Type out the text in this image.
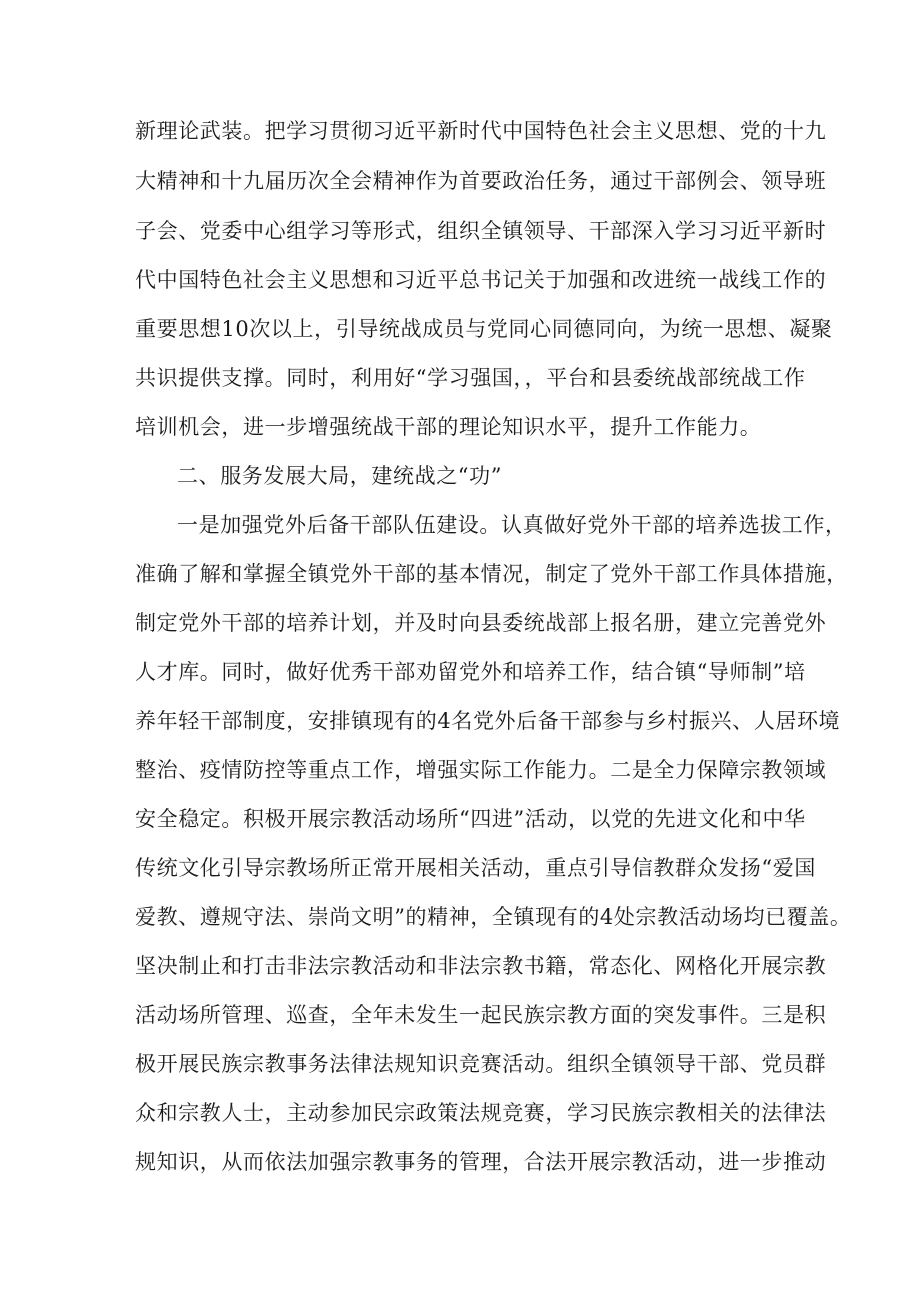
新理论武装。把学习贯彻习近平新时代中国特色社会主义思想、党的十九
大精神和十九届历次全会精神作为首要政治任务，通过干部例会、领导班
子会、党委中心组学习等形式，组织全镇领导、干部深入学习习近平新时
代中国特色社会主义思想和习近平总书记关于加强和改进统一战线工作的
重要思想10次以上，引导统战成员与党同心同德同向，为统一思想、凝聚
共识提供支撑。同时，利用好“学习强国，，平台和县委统战部统战工作
培训机会，进一步增强统战干部的理论知识水平，提升工作能力。
二、服务发展大局，建统战之“功”
一是加强党外后备干部队伍建设。认真做好党外干部的培养选拔工作，
准确了解和掌握全镇党外干部的基本情况，制定了党外干部工作具体措施，
制定党外干部的培养计划，并及时向县委统战部上报名册，建立完善党外
人才库。同时，做好优秀干部劝留党外和培养工作，结合镇“导师制”培
养年轻干部制度，安排镇现有的4名党外后备干部参与乡村振兴、人居环境
整治、疫情防控等重点工作，增强实际工作能力。二是全力保障宗教领域
安全稳定。积极开展宗教活动场所“四进”活动，以党的先进文化和中华
传统文化引导宗教场所正常开展相关活动，重点引导信教群众发扬“爱国
爱教、遵规守法、崇尚文明”的精神，全镇现有的4处宗教活动场均已覆盖。
坚决制止和打击非法宗教活动和非法宗教书籍，常态化、网格化开展宗教
活动场所管理、巡查，全年未发生一起民族宗教方面的突发事件。三是积
极开展民族宗教事务法律法规知识竞赛活动。组织全镇领导干部、党员群
众和宗教人士，主动参加民宗政策法规竞赛，学习民族宗教相关的法律法
规知识，从而依法加强宗教事务的管理，合法开展宗教活动，进一步推动
